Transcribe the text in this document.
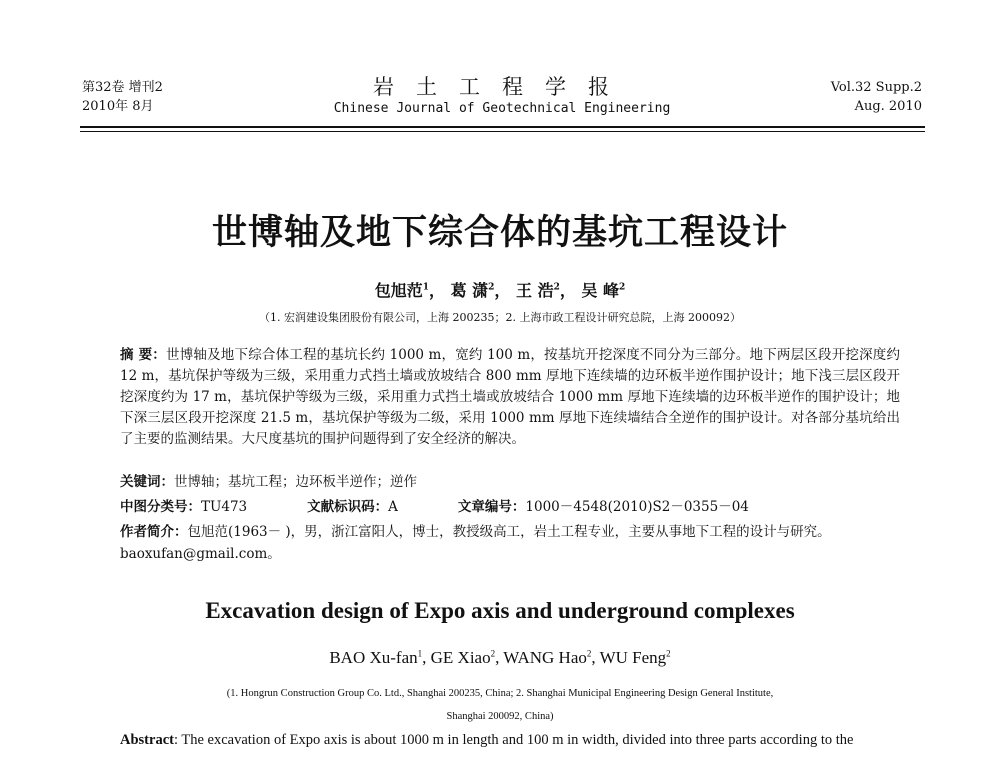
第32卷 增刊2
2010年 8月
岩土工程学报
Chinese Journal of Geotechnical Engineering
Vol.32 Supp.2
Aug. 2010
世博轴及地下综合体的基坑工程设计
包旭范$^1$， 葛 潇$^2$， 王 浩$^2$， 吴 峰$^2$
（1. 宏润建设集团股份有限公司，上海 200235；2. 上海市政工程设计研究总院，上海 200092）
摘 要：世博轴及地下综合体工程的基坑长约 1000 m，宽约 100 m，按基坑开挖深度不同分为三部分。地下两层区段开挖深度约 12 m，基坑保护等级为三级，采用重力式挡土墙或放坡结合 800 mm 厚地下连续墙的边环板半逆作围护设计；地下浅三层区段开挖深度约为 17 m，基坑保护等级为三级，采用重力式挡土墙或放坡结合 1000 mm 厚地下连续墙的边环板半逆作的围护设计；地下深三层区段开挖深度 21.5 m，基坑保护等级为二级，采用 1000 mm 厚地下连续墙结合全逆作的围护设计。对各部分基坑给出了主要的监测结果。大尺度基坑的围护问题得到了安全经济的解决。
关键词：世博轴；基坑工程；边环板半逆作；逆作
中图分类号：TU473	文献标识码：A	文章编号：1000－4548(2010)S2－0355－04
作者简介：包旭范(1963－ )，男，浙江富阳人，博士，教授级高工，岩土工程专业，主要从事地下工程的设计与研究。
baoxufan@gmail.com。
Excavation design of Expo axis and underground complexes
BAO Xu-fan$^1$, GE Xiao$^2$, WANG Hao$^2$, WU Feng$^2$
(1. Hongrun Construction Group Co. Ltd., Shanghai 200235, China; 2. Shanghai Municipal Engineering Design General Institute,
Shanghai 200092, China)
Abstract: The excavation of Expo axis is about 1000 m in length and 100 m in width, divided into three parts according to the
